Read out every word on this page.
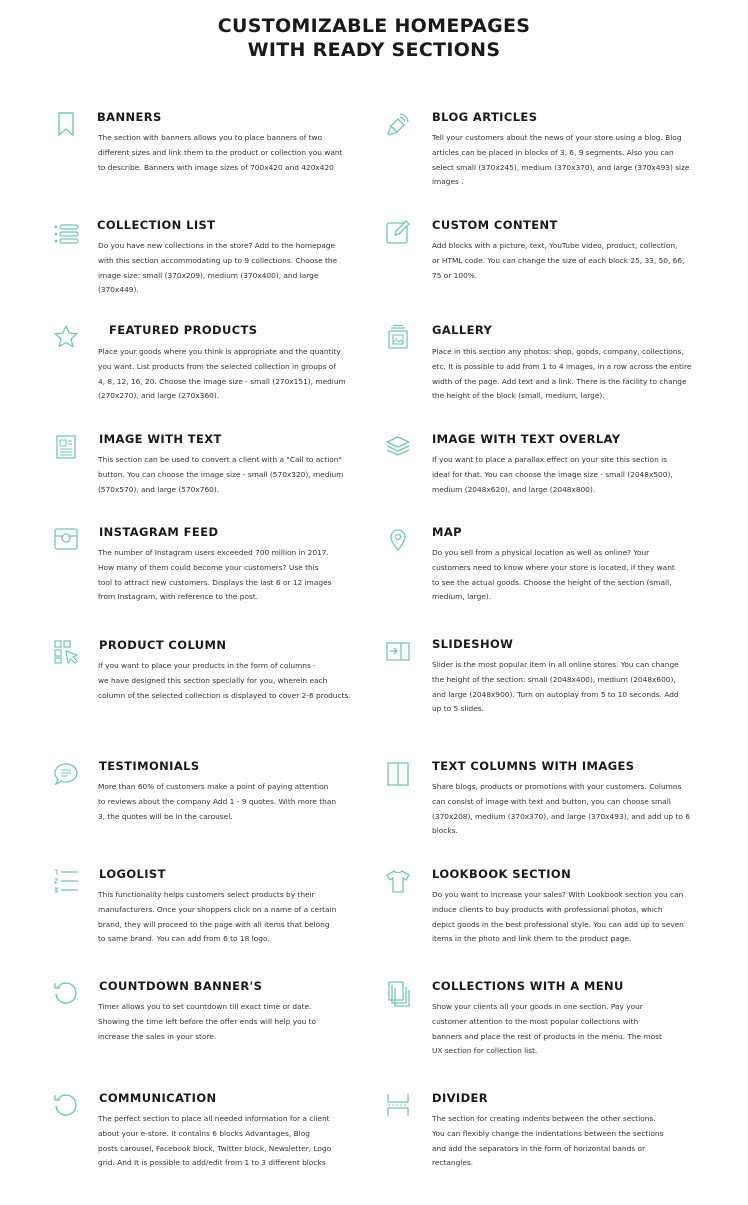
CUSTOMIZABLE HOMEPAGES
WITH READY SECTIONS
BANNERS
The section with banners allows you to place banners of two
different sizes and link them to the product or collection you want
to describe. Banners with image sizes of 700x420 and 420x420
BLOG ARTICLES
Tell your customers about the news of your store using a blog. Blog
articles can be placed in blocks of 3, 6, 9 segments. Also you can
select small (370x245), medium (370x370), and large (370x493) size
images .
COLLECTION LIST
Do you have new collections in the store? Add to the homepage
with this section accommodating up to 9 collections. Choose the
image size: small (370x209), medium (370x400), and large
(370x449).
CUSTOM CONTENT
Add blocks with a picture, text, YouTube video, product, collection,
or HTML code. You can change the size of each block 25, 33, 50, 66,
75 or 100%.
FEATURED PRODUCTS
Place your goods where you think is appropriate and the quantity
you want. List products from the selected collection in groups of
4, 8, 12, 16, 20. Choose the image size - small (270x151), medium
(270x270), and large (270x360).
GALLERY
Place in this section any photos: shop, goods, company, collections,
etc. It is possible to add from 1 to 4 images, in a row across the entire
width of the page. Add text and a link. There is the facility to change
the height of the block (small, medium, large).
IMAGE WITH TEXT
This section can be used to convert a client with a "Call to action"
button. You can choose the image size - small (570x320), medium
(570x570), and large (570x760).
IMAGE WITH TEXT OVERLAY
If you want to place a parallax effect on your site this section is
ideal for that. You can choose the image size - small (2048x500),
medium (2048x620), and large (2048x800).
INSTAGRAM FEED
The number of Instagram users exceeded 700 million in 2017.
How many of them could become your customers? Use this
tool to attract new customers. Displays the last 6 or 12 images
from Instagram, with reference to the post.
MAP
Do you sell from a physical location as well as online? Your
customers need to know where your store is located, if they want
to see the actual goods. Choose the height of the section (small,
medium, large).
PRODUCT COLUMN
If you want to place your products in the form of columns -
we have designed this section specially for you, wherein each
column of the selected collection is displayed to cover 2-6 products.
SLIDESHOW
Slider is the most popular item in all online stores. You can change
the height of the section: small (2048x400), medium (2048x600),
and large (2048x900). Turn on autoplay from 5 to 10 seconds. Add
up to 5 slides.
TESTIMONIALS
More than 60% of customers make a point of paying attention
to reviews about the company Add 1 - 9 quotes. With more than
3, the quotes will be in the carousel.
TEXT COLUMNS WITH IMAGES
Share blogs, products or promotions with your customers. Columns
can consist of image with text and button, you can choose small
(370x208), medium (370x370), and large (370x493), and add up to 6
blocks.
LOGOLIST
This functionality helps customers select products by their
manufacturers. Once your shoppers click on a name of a certain
brand, they will proceed to the page with all items that belong
to same brand. You can add from 6 to 18 logo.
LOOKBOOK SECTION
Do you want to increase your sales? With Lookbook section you can
induce clients to buy products with professional photos, which
depict goods in the best professional style. You can add up to seven
items in the photo and link them to the product page.
COUNTDOWN BANNER'S
Timer allows you to set countdown till exact time or date.
Showing the time left before the offer ends will help you to
increase the sales in your store.
COLLECTIONS WITH A MENU
Show your clients all your goods in one section. Pay your
customer attention to the most popular collections with
banners and place the rest of products in the menu. The most
UX section for collection list.
COMMUNICATION
The perfect section to place all needed information for a client
about your e-store. It contains 6 blocks Advantages, Blog
posts carousel, Facebook block, Twitter block, Newsletter, Logo
grid. And It is possible to add/edit from 1 to 3 different blocks
DIVIDER
The section for creating indents between the other sections.
You can flexibly change the indentations between the sections
and add the separators in the form of horizontal bands or
rectangles.
